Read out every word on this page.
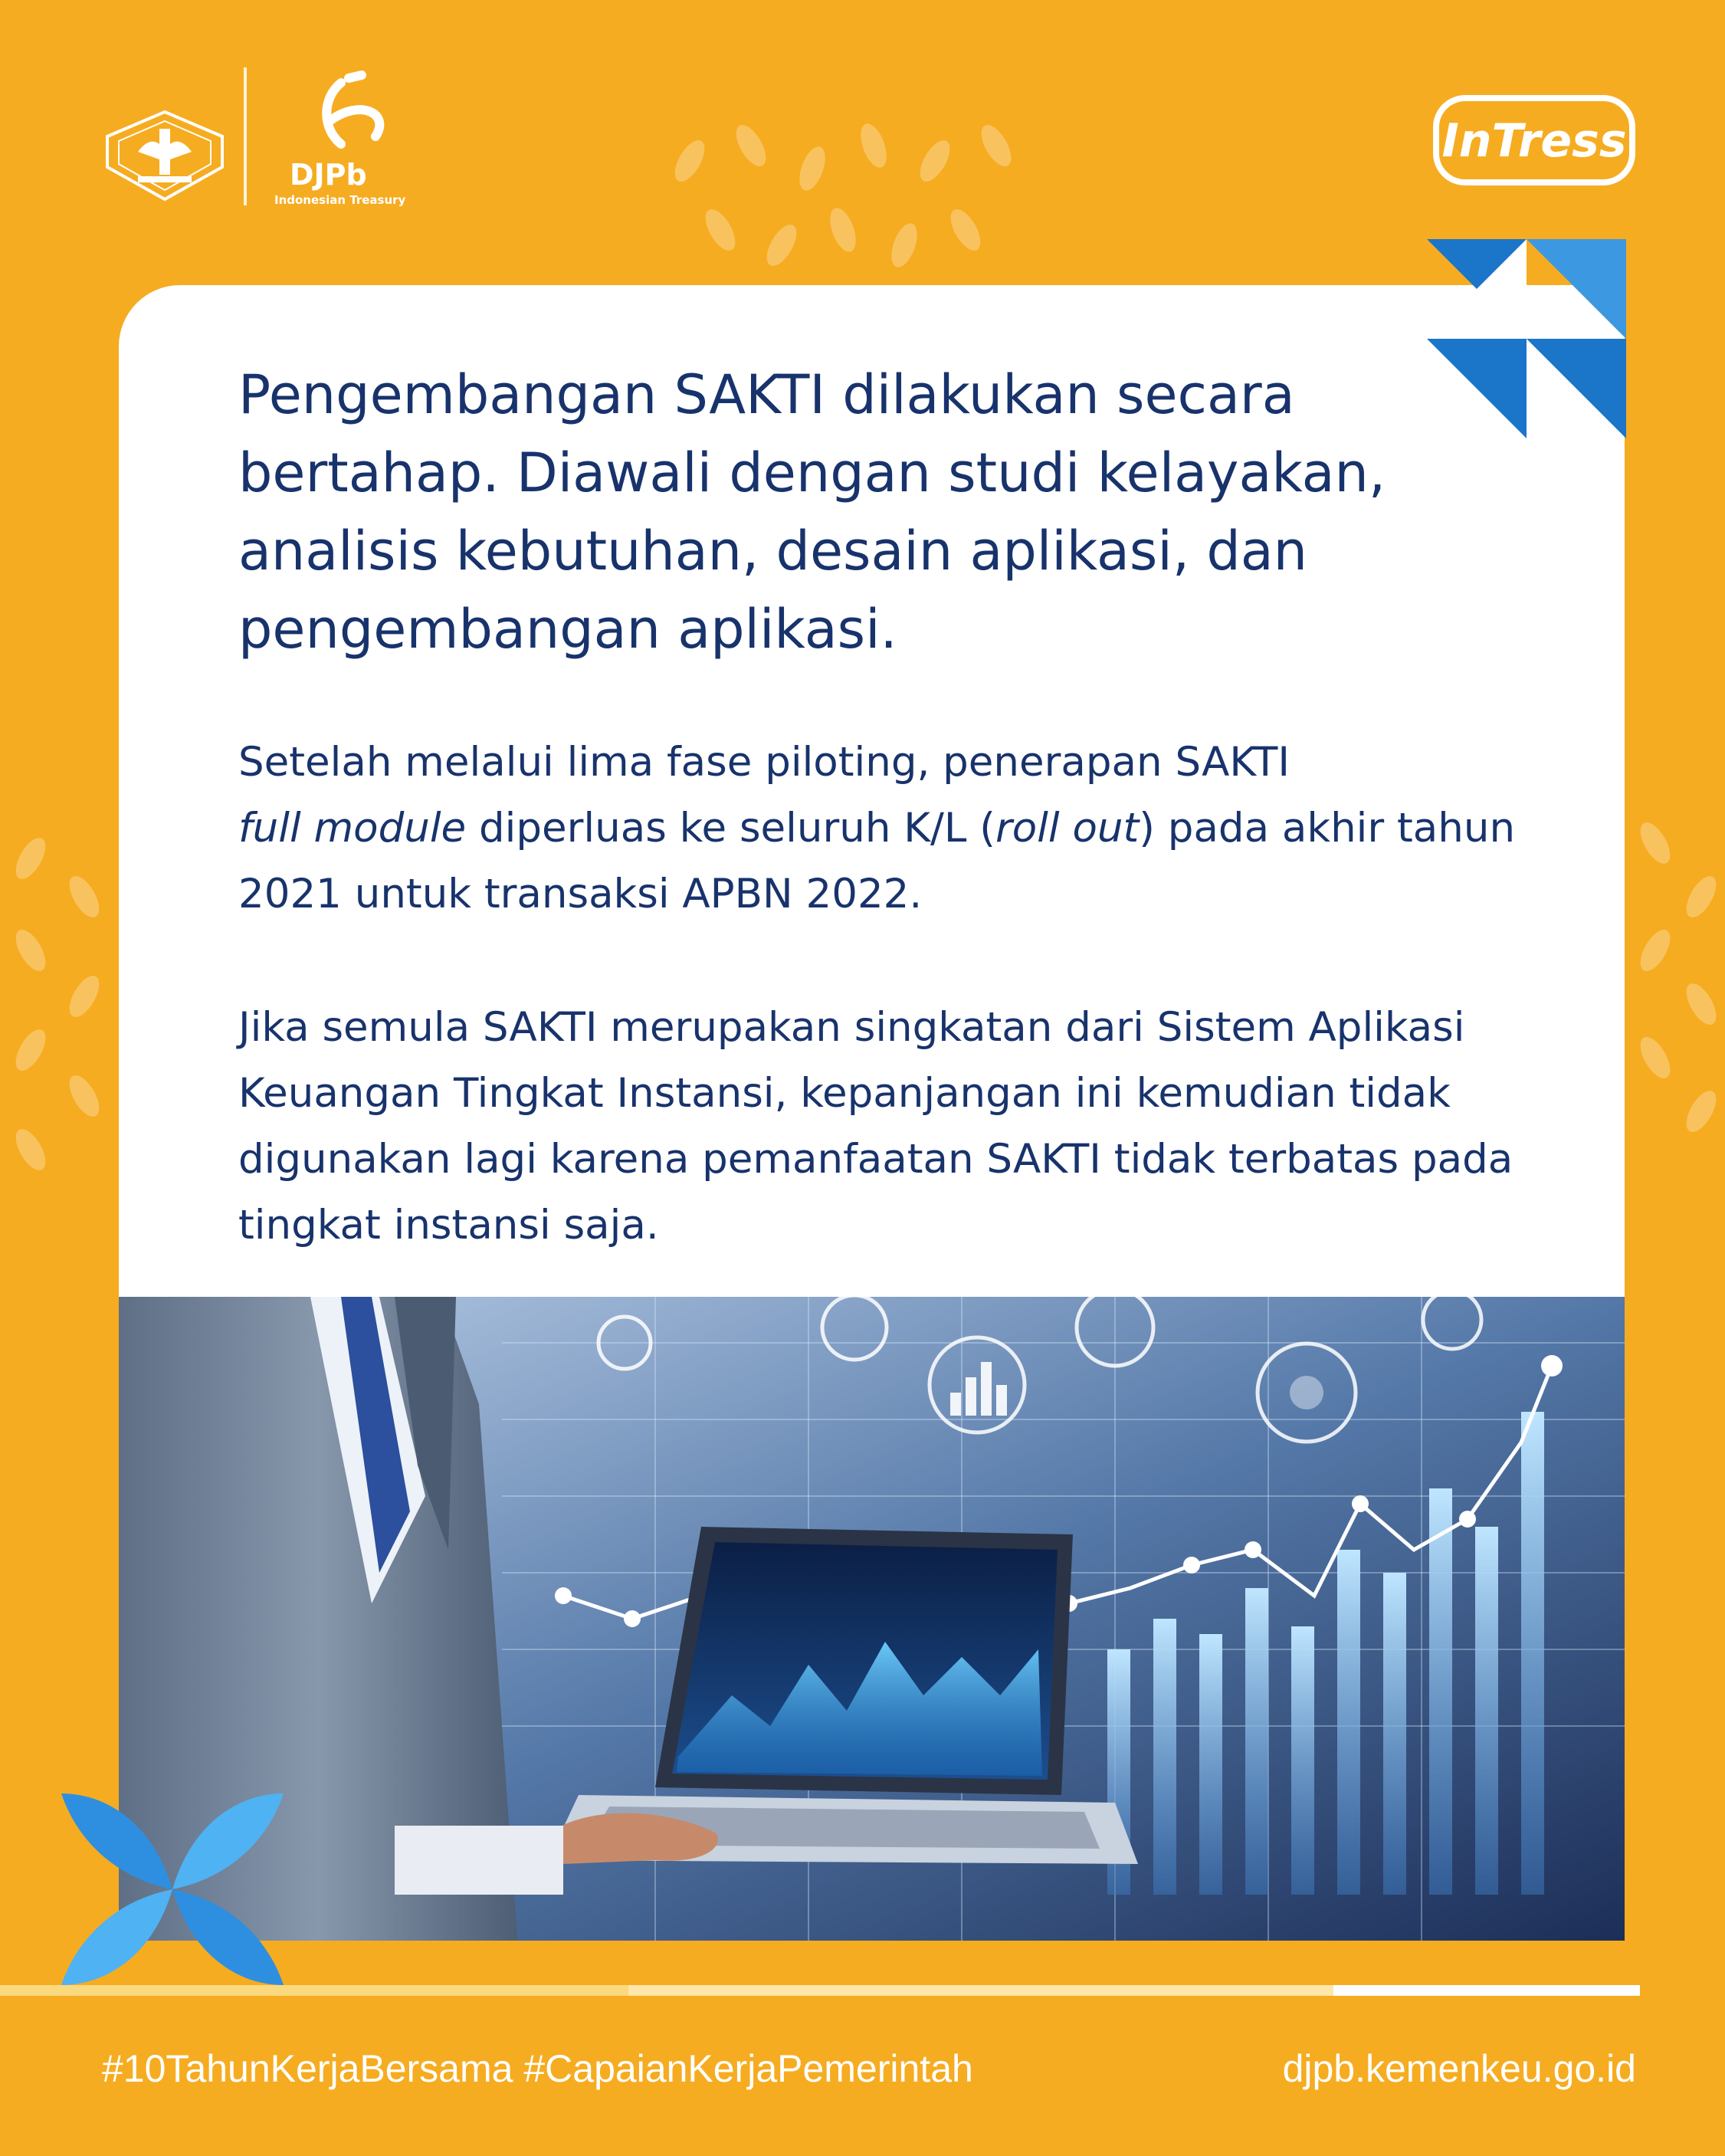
DJPb
Indonesian Treasury
InTress

Pengembangan SAKTI dilakukan secara bertahap. Diawali dengan studi kelayakan, analisis kebutuhan, desain aplikasi, dan pengembangan aplikasi.

Setelah melalui lima fase piloting, penerapan SAKTI
full module diperluas ke seluruh K/L (roll out) pada akhir tahun 2021 untuk transaksi APBN 2022.

Jika semula SAKTI merupakan singkatan dari Sistem Aplikasi Keuangan Tingkat Instansi, kepanjangan ini kemudian tidak digunakan lagi karena pemanfaatan SAKTI tidak terbatas pada tingkat instansi saja.

#10TahunKerjaBersama #CapaianKerjaPemerintah	djpb.kemenkeu.go.id
